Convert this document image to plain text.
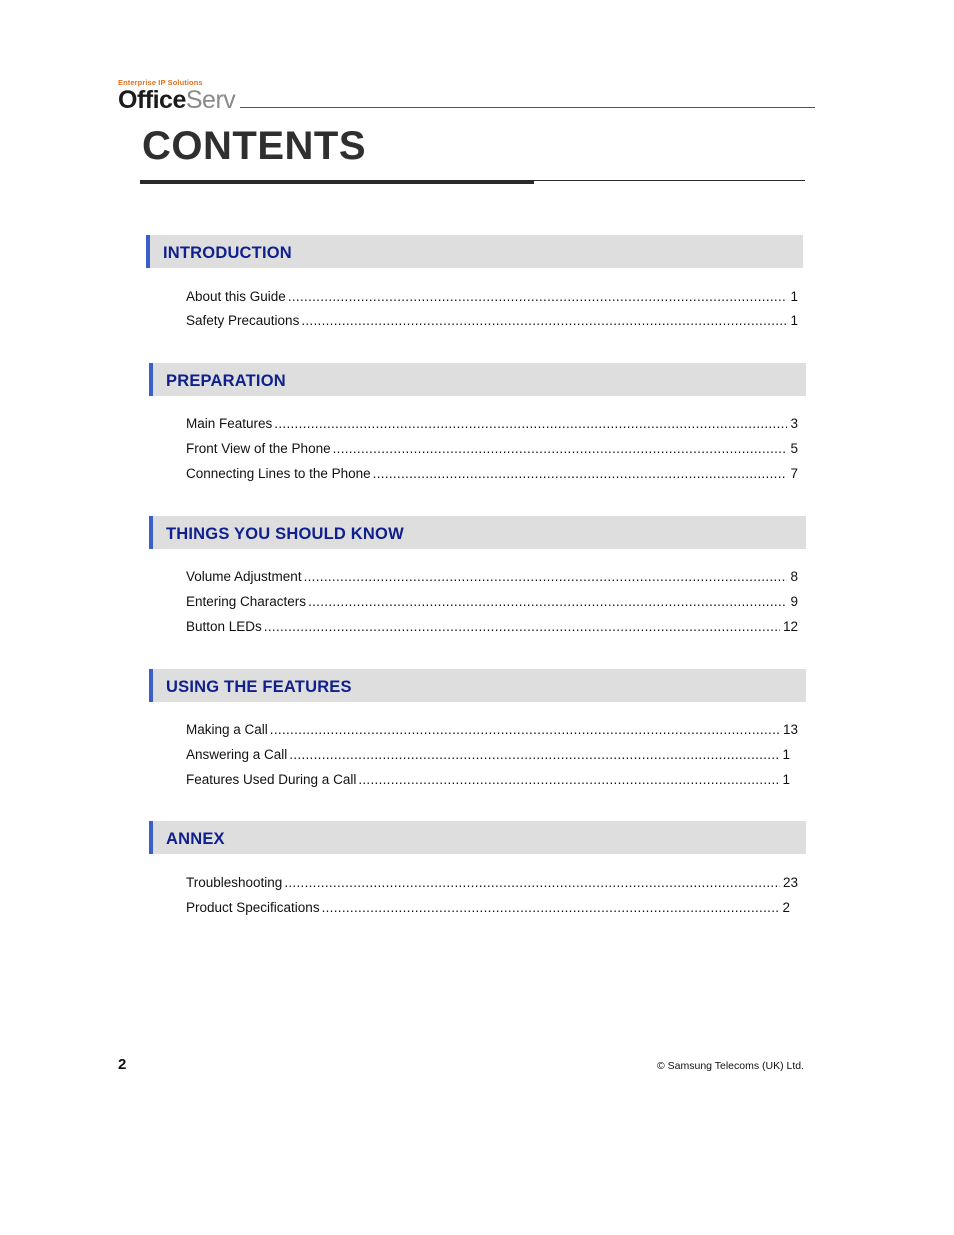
Enterprise IP Solutions
OfficeServ
CONTENTS
INTRODUCTION
About this Guide .....	1
Safety Precautions .....	1
PREPARATION
Main Features .....	3
Front View of the Phone .....	5
Connecting Lines to the Phone .....	7
THINGS YOU SHOULD KNOW
Volume Adjustment .....	8
Entering Characters .....	9
Button LEDs .....	12
USING THE FEATURES
Making a Call .....	13
Answering a Call .....	1
Features Used During a Call .....	1
ANNEX
Troubleshooting .....	23
Product Specifications .....	2
2	© Samsung Telecoms (UK) Ltd.
